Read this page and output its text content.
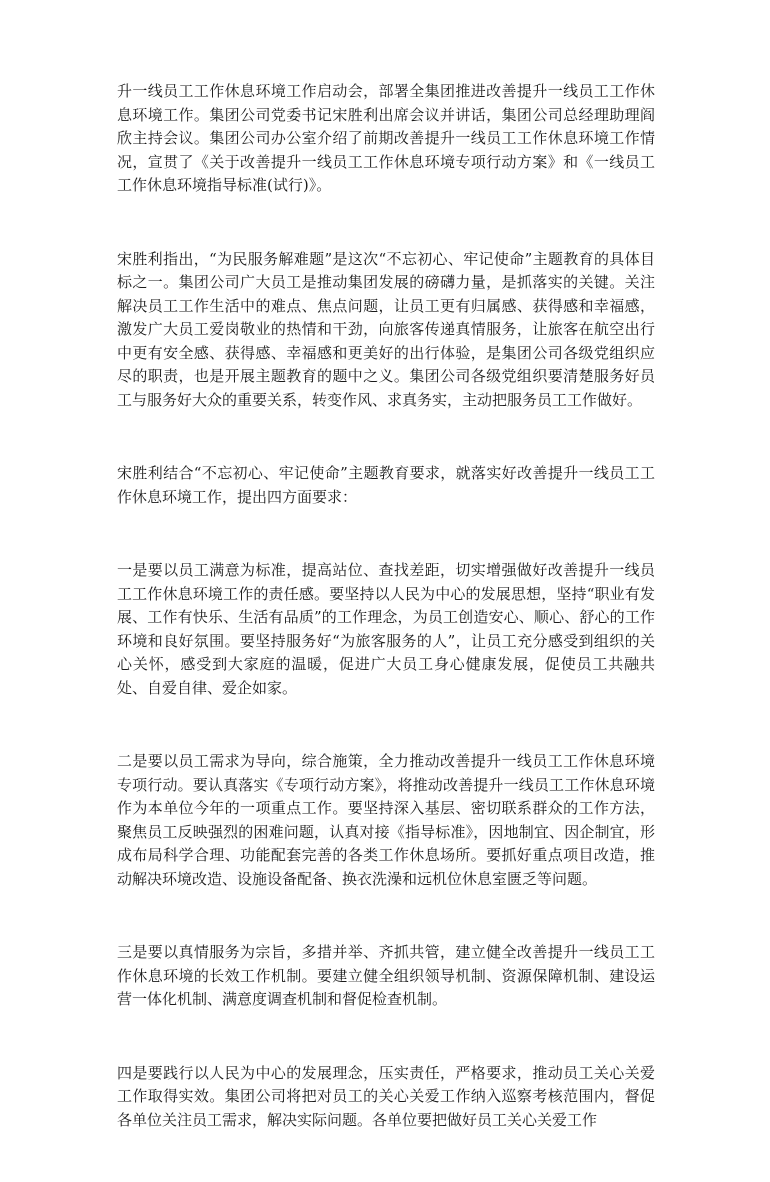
升一线员工工作休息环境工作启动会，部署全集团推进改善提升一线员工工作休息环境工作。集团公司党委书记宋胜利出席会议并讲话，集团公司总经理助理阎欣主持会议。集团公司办公室介绍了前期改善提升一线员工工作休息环境工作情况，宣贯了《关于改善提升一线员工工作休息环境专项行动方案》和《一线员工工作休息环境指导标准(试行)》。

宋胜利指出，“为民服务解难题”是这次“不忘初心、牢记使命”主题教育的具体目标之一。集团公司广大员工是推动集团发展的磅礴力量，是抓落实的关键。关注解决员工工作生活中的难点、焦点问题，让员工更有归属感、获得感和幸福感，激发广大员工爱岗敬业的热情和干劲，向旅客传递真情服务，让旅客在航空出行中更有安全感、获得感、幸福感和更美好的出行体验，是集团公司各级党组织应尽的职责，也是开展主题教育的题中之义。集团公司各级党组织要清楚服务好员工与服务好大众的重要关系，转变作风、求真务实，主动把服务员工工作做好。

宋胜利结合“不忘初心、牢记使命”主题教育要求，就落实好改善提升一线员工工作休息环境工作，提出四方面要求：

一是要以员工满意为标准，提高站位、查找差距，切实增强做好改善提升一线员工工作休息环境工作的责任感。要坚持以人民为中心的发展思想，坚持“职业有发展、工作有快乐、生活有品质”的工作理念，为员工创造安心、顺心、舒心的工作环境和良好氛围。要坚持服务好“为旅客服务的人”，让员工充分感受到组织的关心关怀，感受到大家庭的温暖，促进广大员工身心健康发展，促使员工共融共处、自爱自律、爱企如家。

二是要以员工需求为导向，综合施策，全力推动改善提升一线员工工作休息环境专项行动。要认真落实《专项行动方案》，将推动改善提升一线员工工作休息环境作为本单位今年的一项重点工作。要坚持深入基层、密切联系群众的工作方法，聚焦员工反映强烈的困难问题，认真对接《指导标准》，因地制宜、因企制宜，形成布局科学合理、功能配套完善的各类工作休息场所。要抓好重点项目改造，推动解决环境改造、设施设备配备、换衣洗澡和远机位休息室匮乏等问题。

三是要以真情服务为宗旨，多措并举、齐抓共管，建立健全改善提升一线员工工作休息环境的长效工作机制。要建立健全组织领导机制、资源保障机制、建设运营一体化机制、满意度调查机制和督促检查机制。

四是要践行以人民为中心的发展理念，压实责任，严格要求，推动员工关心关爱工作取得实效。集团公司将把对员工的关心关爱工作纳入巡察考核范围内，督促各单位关注员工需求，解决实际问题。各单位要把做好员工关心关爱工作
